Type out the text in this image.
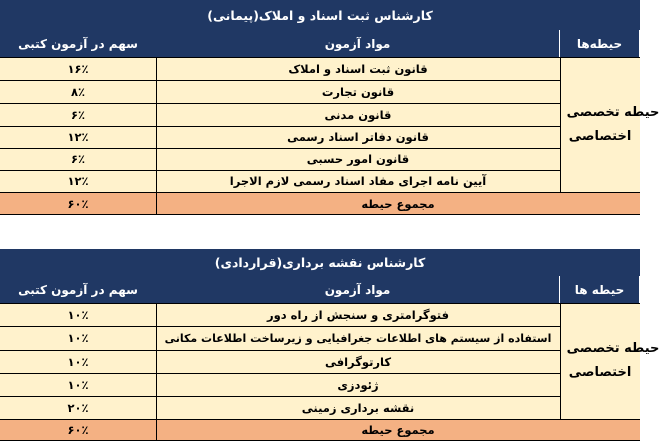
کارشناس ثبت اسناد و املاک(پیمانی)
سهم در آزمون کتبی	مواد آزمون	حیطه‌ها
۱۶٪	قانون ثبت اسناد و املاک
۸٪	قانون تجارت
۶٪	قانون مدنی
۱۲٪	قانون دفاتر اسناد رسمی
۶٪	قانون امور حسبی
۱۲٪	آیین نامه اجرای مفاد اسناد رسمی لازم الاجرا
حیطه تخصصی
اختصاصی
۶۰٪	مجموع حیطه
کارشناس نقشه برداری(قراردادی)
سهم در آزمون کتبی	مواد آزمون	حیطه ها
۱۰٪	فتوگرامتری و سنجش از راه دور
۱۰٪	استفاده از سیستم های اطلاعات جغرافیایی و زیرساخت اطلاعات مکانی
۱۰٪	کارتوگرافی
۱۰٪	ژئودزی
۲۰٪	نقشه برداری زمینی
حیطه تخصصی
اختصاصی
۶۰٪	مجموع حیطه
